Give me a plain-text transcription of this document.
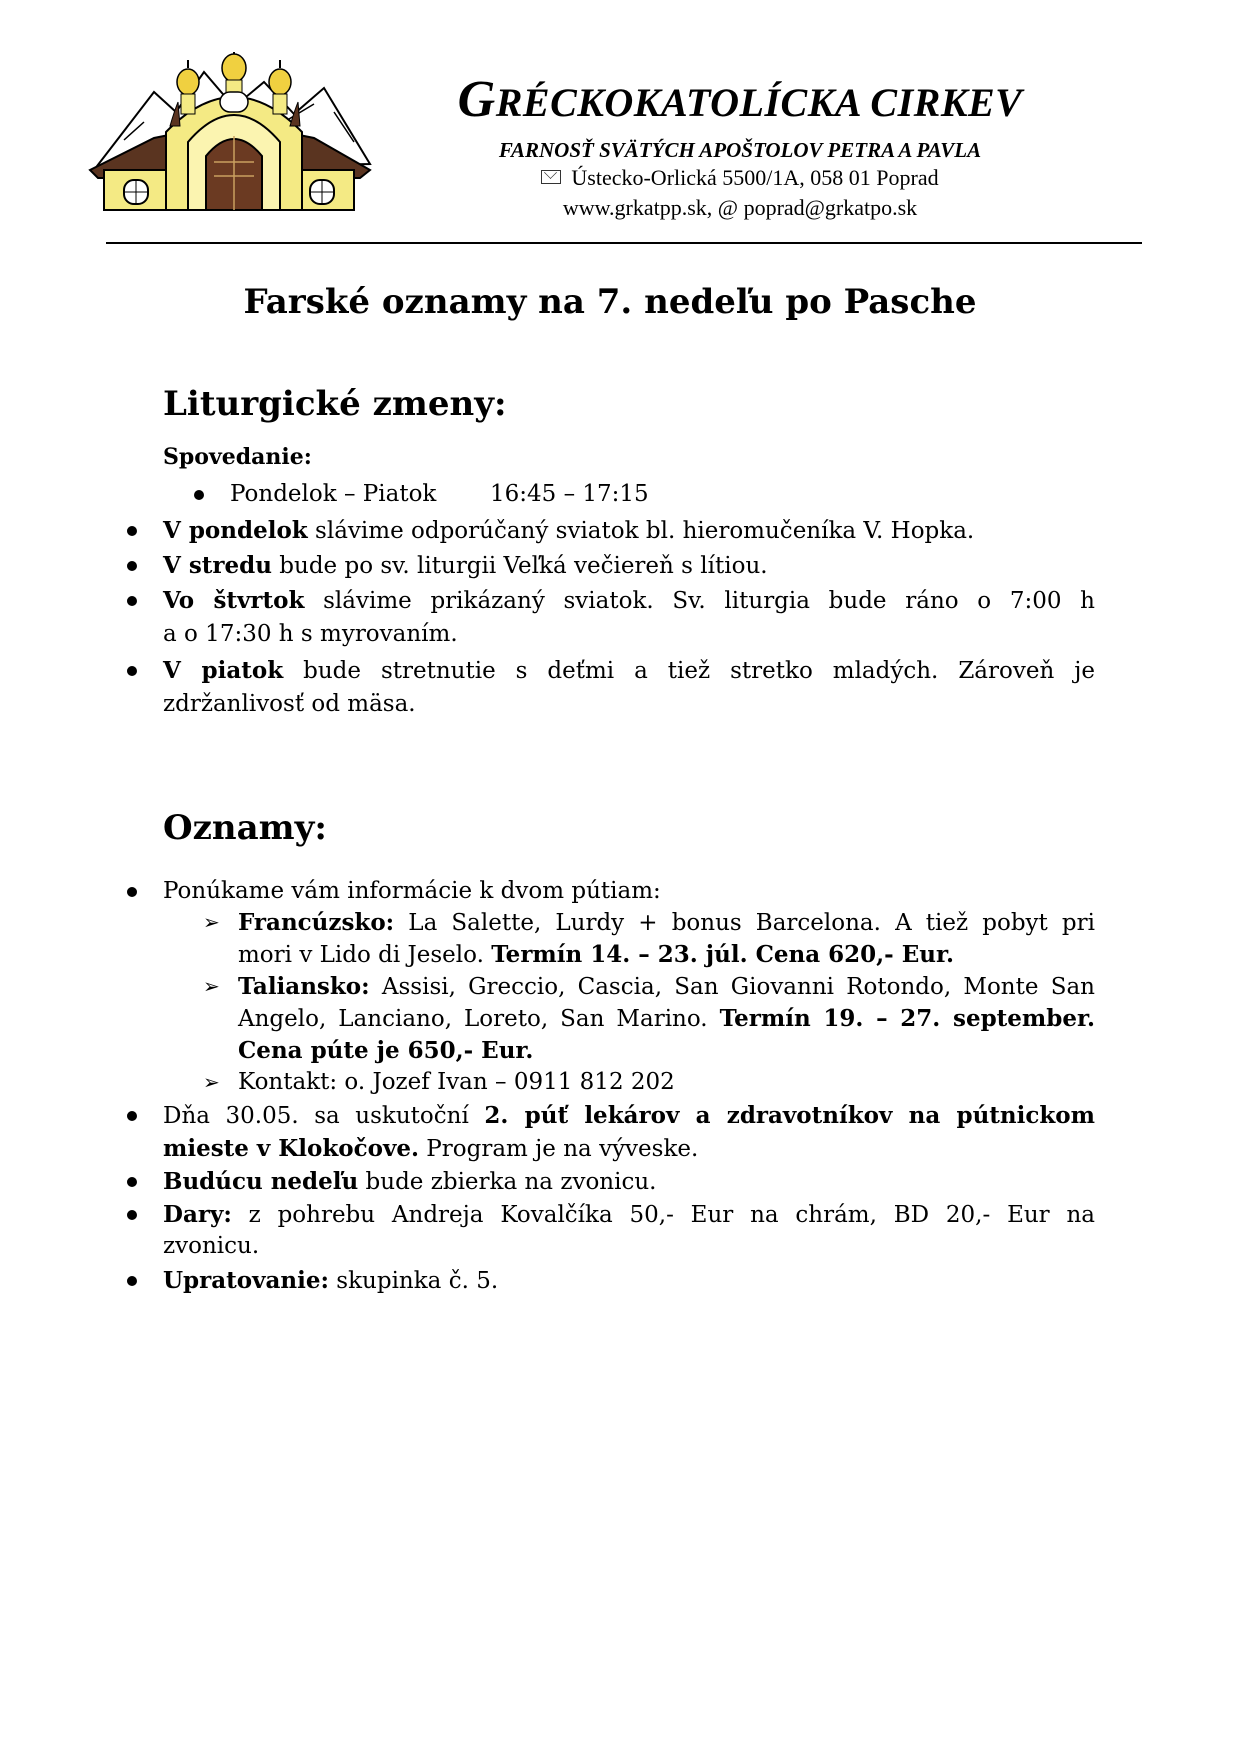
GRÉCKOKATOLÍCKA CIRKEV
FARNOSŤ SVÄTÝCH APOŠTOLOV PETRA A PAVLA
Ústecko-Orlická 5500/1A, 058 01 Poprad
www.grkatpp.sk, @ poprad@grkatpo.sk
Farské oznamy na 7. nedeľu po Pasche
Liturgické zmeny:
Spovedanie:
Pondelok – Piatok 16:45 – 17:15
V pondelok slávime odporúčaný sviatok bl. hieromučeníka V. Hopka.
V stredu bude po sv. liturgii Veľká večiereň s lítiou.
Vo štvrtok slávime prikázaný sviatok. Sv. liturgia bude ráno o 7:00 h
a o 17:30 h s myrovaním.
V piatok bude stretnutie s deťmi a tiež stretko mladých. Zároveň je
zdržanlivosť od mäsa.
Oznamy:
Ponúkame vám informácie k dvom pútiam:
➢ Francúzsko: La Salette, Lurdy + bonus Barcelona. A tiež pobyt pri
mori v Lido di Jeselo. Termín 14. – 23. júl. Cena 620,- Eur.
➢ Taliansko: Assisi, Greccio, Cascia, San Giovanni Rotondo, Monte San
Angelo, Lanciano, Loreto, San Marino. Termín 19. – 27. september.
Cena púte je 650,- Eur.
➢ Kontakt: o. Jozef Ivan – 0911 812 202
Dňa 30.05. sa uskutoční 2. púť lekárov a zdravotníkov na pútnickom
mieste v Klokočove. Program je na vývеske.
Budúcu nedeľu bude zbierka na zvonicu.
Dary: z pohrebu Andreja Kovalčíka 50,- Eur na chrám, BD 20,- Eur na
zvonicu.
Upratovanie: skupinka č. 5.
